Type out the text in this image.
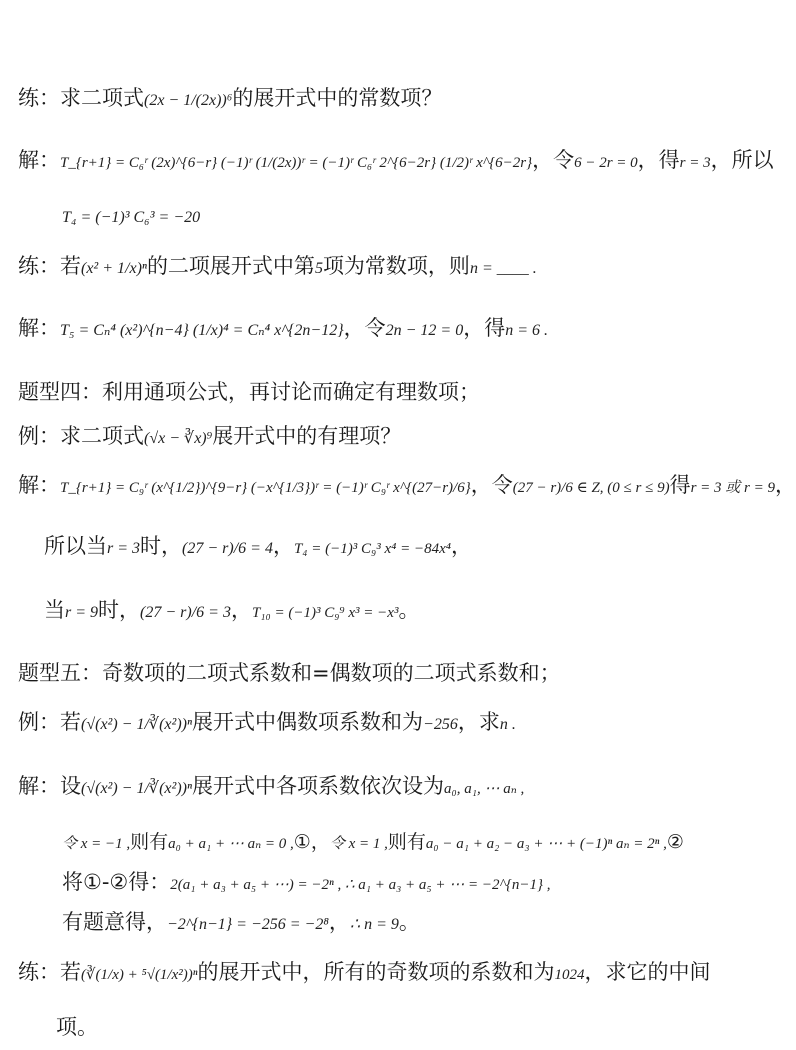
练：求二项式(2x − 1/(2x))⁶的展开式中的常数项？
解：T_{r+1} = C₆ʳ (2x)^{6−r} (−1)ʳ (1/(2x))ʳ = (−1)ʳ C₆ʳ 2^{6−2r} (1/2)ʳ x^{6−2r}，令6 − 2r = 0，得r = 3，所以
T₄ = (−1)³ C₆³ = −20
练：若(x² + 1/x)ⁿ的二项展开式中第5项为常数项，则n = ____ .
解：T₅ = Cₙ⁴ (x²)^{n−4} (1/x)⁴ = Cₙ⁴ x^{2n−12}，令2n − 12 = 0，得n = 6 .
题型四：利用通项公式，再讨论而确定有理数项；
例：求二项式(√x − ∛x)⁹展开式中的有理项？
解：T_{r+1} = C₉ʳ (x^{1/2})^{9−r} (−x^{1/3})ʳ = (−1)ʳ C₉ʳ x^{(27−r)/6}，令(27 − r)/6 ∈ Z, (0 ≤ r ≤ 9)得r = 3 或 r = 9，
所以当r = 3时，(27 − r)/6 = 4，T₄ = (−1)³ C₉³ x⁴ = −84x⁴，
当r = 9时，(27 − r)/6 = 3，T₁₀ = (−1)³ C₉⁹ x³ = −x³。
题型五：奇数项的二项式系数和=偶数项的二项式系数和；
例：若(√(x²) − 1/∛(x²))ⁿ展开式中偶数项系数和为−256，求n .
解：设(√(x²) − 1/∛(x²))ⁿ展开式中各项系数依次设为a₀, a₁, ⋯ aₙ ,
令 x = −1 ,则有a₀ + a₁ + ⋯ aₙ = 0 ,①，令 x = 1 ,则有a₀ − a₁ + a₂ − a₃ + ⋯ + (−1)ⁿ aₙ = 2ⁿ ,②
将①-②得：2(a₁ + a₃ + a₅ + ⋯) = −2ⁿ , ∴ a₁ + a₃ + a₅ + ⋯ = −2^{n−1} ,
有题意得，−2^{n−1} = −256 = −2⁸，∴ n = 9。
练：若(∛(1/x) + ⁵√(1/x²))ⁿ的展开式中，所有的奇数项的系数和为1024，求它的中间
项。
